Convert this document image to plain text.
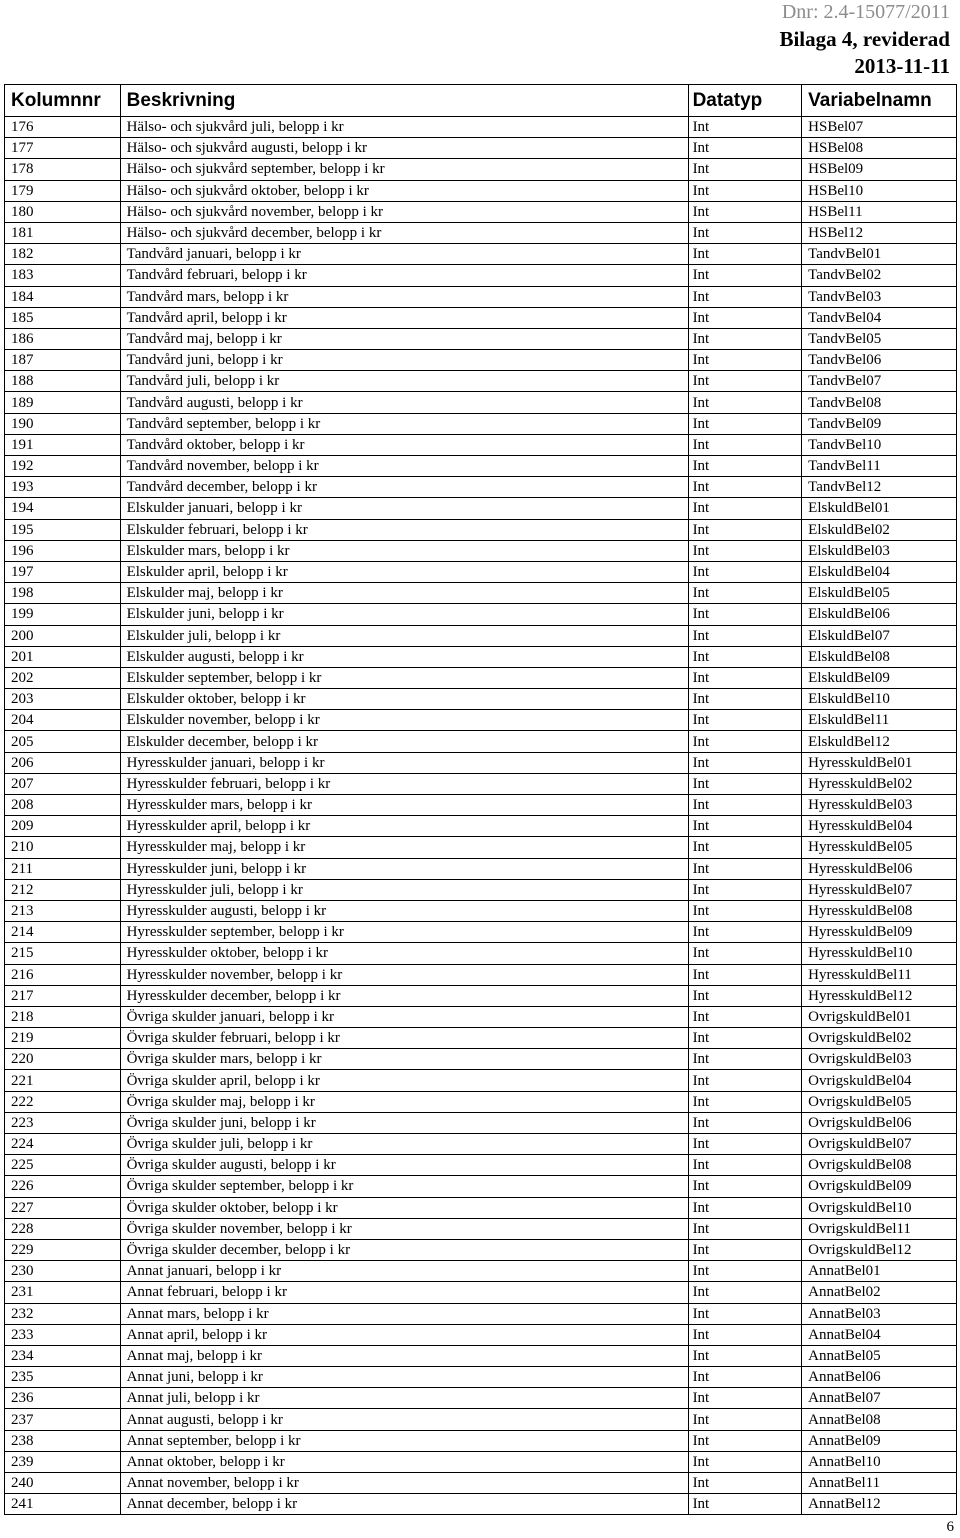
Dnr: 2.4-15077/2011
Bilaga 4, reviderad
2013-11-11
Kolumnnr	Beskrivning	Datatyp	Variabelnamn
176	Hälso- och sjukvård juli, belopp i kr	Int	HSBel07
177	Hälso- och sjukvård augusti, belopp i kr	Int	HSBel08
178	Hälso- och sjukvård september, belopp i kr	Int	HSBel09
179	Hälso- och sjukvård oktober, belopp i kr	Int	HSBel10
180	Hälso- och sjukvård november, belopp i kr	Int	HSBel11
181	Hälso- och sjukvård december, belopp i kr	Int	HSBel12
182	Tandvård januari, belopp i kr	Int	TandvBel01
183	Tandvård februari, belopp i kr	Int	TandvBel02
184	Tandvård mars, belopp i kr	Int	TandvBel03
185	Tandvård april, belopp i kr	Int	TandvBel04
186	Tandvård maj, belopp i kr	Int	TandvBel05
187	Tandvård juni, belopp i kr	Int	TandvBel06
188	Tandvård juli, belopp i kr	Int	TandvBel07
189	Tandvård augusti, belopp i kr	Int	TandvBel08
190	Tandvård september, belopp i kr	Int	TandvBel09
191	Tandvård oktober, belopp i kr	Int	TandvBel10
192	Tandvård november, belopp i kr	Int	TandvBel11
193	Tandvård december, belopp i kr	Int	TandvBel12
194	Elskulder januari, belopp i kr	Int	ElskuldBel01
195	Elskulder februari, belopp i kr	Int	ElskuldBel02
196	Elskulder mars, belopp i kr	Int	ElskuldBel03
197	Elskulder april, belopp i kr	Int	ElskuldBel04
198	Elskulder maj, belopp i kr	Int	ElskuldBel05
199	Elskulder juni, belopp i kr	Int	ElskuldBel06
200	Elskulder juli, belopp i kr	Int	ElskuldBel07
201	Elskulder augusti, belopp i kr	Int	ElskuldBel08
202	Elskulder september, belopp i kr	Int	ElskuldBel09
203	Elskulder oktober, belopp i kr	Int	ElskuldBel10
204	Elskulder november, belopp i kr	Int	ElskuldBel11
205	Elskulder december, belopp i kr	Int	ElskuldBel12
206	Hyresskulder januari, belopp i kr	Int	HyresskuldBel01
207	Hyresskulder februari, belopp i kr	Int	HyresskuldBel02
208	Hyresskulder mars, belopp i kr	Int	HyresskuldBel03
209	Hyresskulder april, belopp i kr	Int	HyresskuldBel04
210	Hyresskulder maj, belopp i kr	Int	HyresskuldBel05
211	Hyresskulder juni, belopp i kr	Int	HyresskuldBel06
212	Hyresskulder juli, belopp i kr	Int	HyresskuldBel07
213	Hyresskulder augusti, belopp i kr	Int	HyresskuldBel08
214	Hyresskulder september, belopp i kr	Int	HyresskuldBel09
215	Hyresskulder oktober, belopp i kr	Int	HyresskuldBel10
216	Hyresskulder november, belopp i kr	Int	HyresskuldBel11
217	Hyresskulder december, belopp i kr	Int	HyresskuldBel12
218	Övriga skulder januari, belopp i kr	Int	OvrigskuldBel01
219	Övriga skulder februari, belopp i kr	Int	OvrigskuldBel02
220	Övriga skulder mars, belopp i kr	Int	OvrigskuldBel03
221	Övriga skulder april, belopp i kr	Int	OvrigskuldBel04
222	Övriga skulder maj, belopp i kr	Int	OvrigskuldBel05
223	Övriga skulder juni, belopp i kr	Int	OvrigskuldBel06
224	Övriga skulder juli, belopp i kr	Int	OvrigskuldBel07
225	Övriga skulder augusti, belopp i kr	Int	OvrigskuldBel08
226	Övriga skulder september, belopp i kr	Int	OvrigskuldBel09
227	Övriga skulder oktober, belopp i kr	Int	OvrigskuldBel10
228	Övriga skulder november, belopp i kr	Int	OvrigskuldBel11
229	Övriga skulder december, belopp i kr	Int	OvrigskuldBel12
230	Annat januari, belopp i kr	Int	AnnatBel01
231	Annat februari, belopp i kr	Int	AnnatBel02
232	Annat mars, belopp i kr	Int	AnnatBel03
233	Annat april, belopp i kr	Int	AnnatBel04
234	Annat maj, belopp i kr	Int	AnnatBel05
235	Annat juni, belopp i kr	Int	AnnatBel06
236	Annat juli, belopp i kr	Int	AnnatBel07
237	Annat augusti, belopp i kr	Int	AnnatBel08
238	Annat september, belopp i kr	Int	AnnatBel09
239	Annat oktober, belopp i kr	Int	AnnatBel10
240	Annat november, belopp i kr	Int	AnnatBel11
241	Annat december, belopp i kr	Int	AnnatBel12
6
